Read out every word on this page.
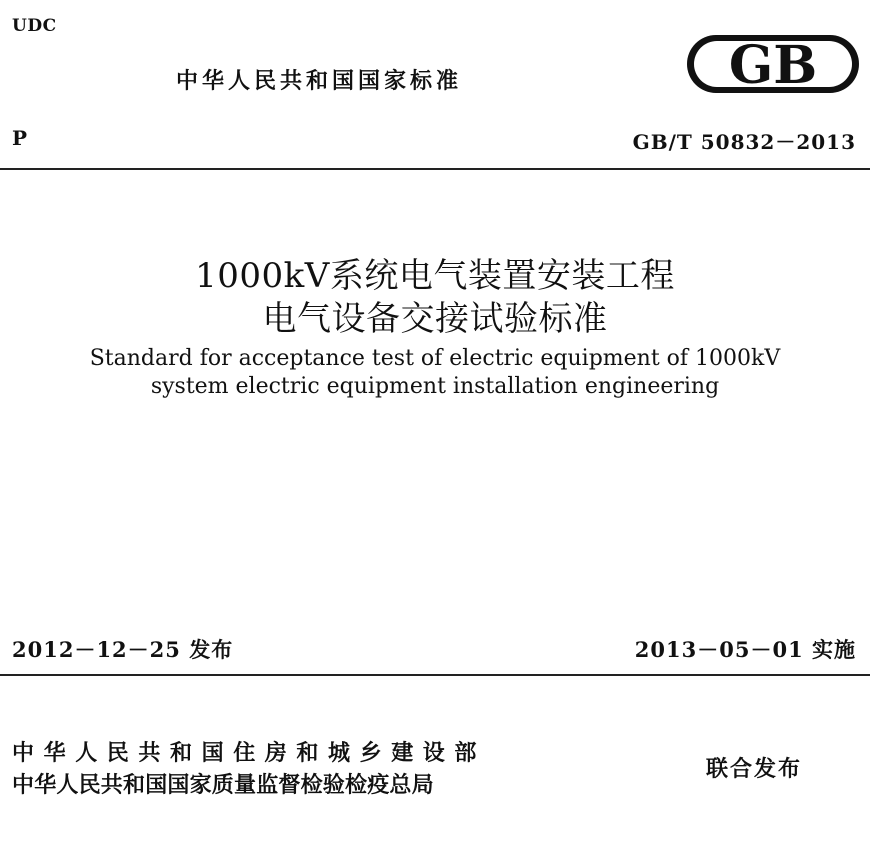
UDC
中华人民共和国国家标准	GB
P	GB/T 50832－2013
1000kV系统电气装置安装工程
电气设备交接试验标准
Standard for acceptance test of electric equipment of 1000kV
system electric equipment installation engineering
2012－12－25 发布	2013－05－01 实施
中华人民共和国住房和城乡建设部
中华人民共和国国家质量监督检验检疫总局
联合发布
